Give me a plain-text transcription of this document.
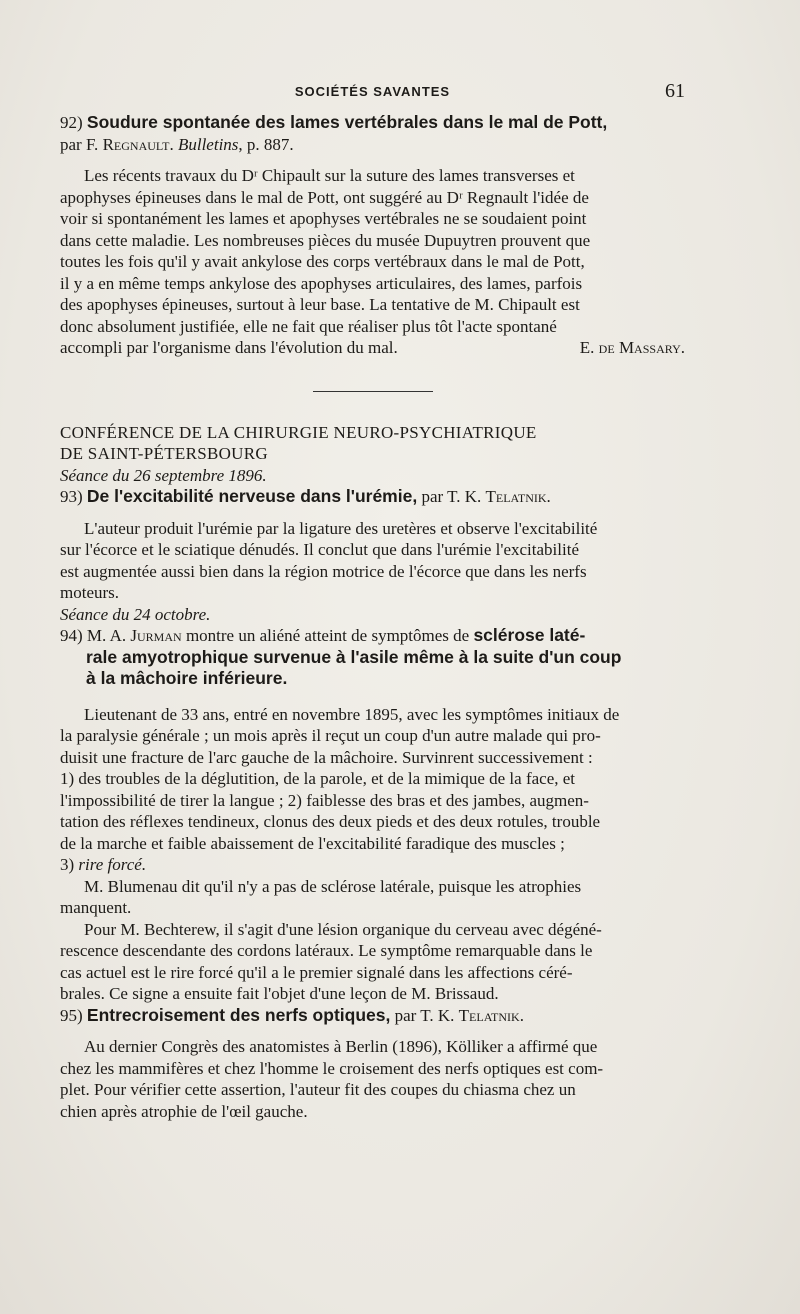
SOCIÉTÉS SAVANTES	61

92) Soudure spontanée des lames vertébrales dans le mal de Pott,

par F. Regnault. Bulletins, p. 887.

Les récents travaux du Dʳ Chipault sur la suture des lames transverses et

apophyses épineuses dans le mal de Pott, ont suggéré au Dʳ Regnault l'idée de

voir si spontanément les lames et apophyses vertébrales ne se soudaient point

dans cette maladie. Les nombreuses pièces du musée Dupuytren prouvent que

toutes les fois qu'il y avait ankylose des corps vertébraux dans le mal de Pott,

il y a en même temps ankylose des apophyses articulaires, des lames, parfois

des apophyses épineuses, surtout à leur base. La tentative de M. Chipault est

donc absolument justifiée, elle ne fait que réaliser plus tôt l'acte spontané

accompli par l'organisme dans l'évolution du mal.	E. de Massary.

CONFÉRENCE DE LA CHIRURGIE NEURO-PSYCHIATRIQUE

DE SAINT-PÉTERSBOURG

Séance du 26 septembre 1896.

93) De l'excitabilité nerveuse dans l'urémie, par T. K. Telatnik.

L'auteur produit l'urémie par la ligature des uretères et observe l'excitabilité

sur l'écorce et le sciatique dénudés. Il conclut que dans l'urémie l'excitabilité

est augmentée aussi bien dans la région motrice de l'écorce que dans les nerfs

moteurs.

Séance du 24 octobre.

94) M. A. Jurman montre un aliéné atteint de symptômes de sclérose laté-

rale amyotrophique survenue à l'asile même à la suite d'un coup

à la mâchoire inférieure.

Lieutenant de 33 ans, entré en novembre 1895, avec les symptômes initiaux de

la paralysie générale ; un mois après il reçut un coup d'un autre malade qui pro-

duisit une fracture de l'arc gauche de la mâchoire. Survinrent successivement :

1) des troubles de la déglutition, de la parole, et de la mimique de la face, et

l'impossibilité de tirer la langue ; 2) faiblesse des bras et des jambes, augmen-

tation des réflexes tendineux, clonus des deux pieds et des deux rotules, trouble

de la marche et faible abaissement de l'excitabilité faradique des muscles ;

3) rire forcé.

M. Blumenau dit qu'il n'y a pas de sclérose latérale, puisque les atrophies

manquent.

Pour M. Bechterew, il s'agit d'une lésion organique du cerveau avec dégéné-

rescence descendante des cordons latéraux. Le symptôme remarquable dans le

cas actuel est le rire forcé qu'il a le premier signalé dans les affections céré-

brales. Ce signe a ensuite fait l'objet d'une leçon de M. Brissaud.

95) Entrecroisement des nerfs optiques, par T. K. Telatnik.

Au dernier Congrès des anatomistes à Berlin (1896), Kölliker a affirmé que

chez les mammifères et chez l'homme le croisement des nerfs optiques est com-

plet. Pour vérifier cette assertion, l'auteur fit des coupes du chiasma chez un

chien après atrophie de l'œil gauche.
